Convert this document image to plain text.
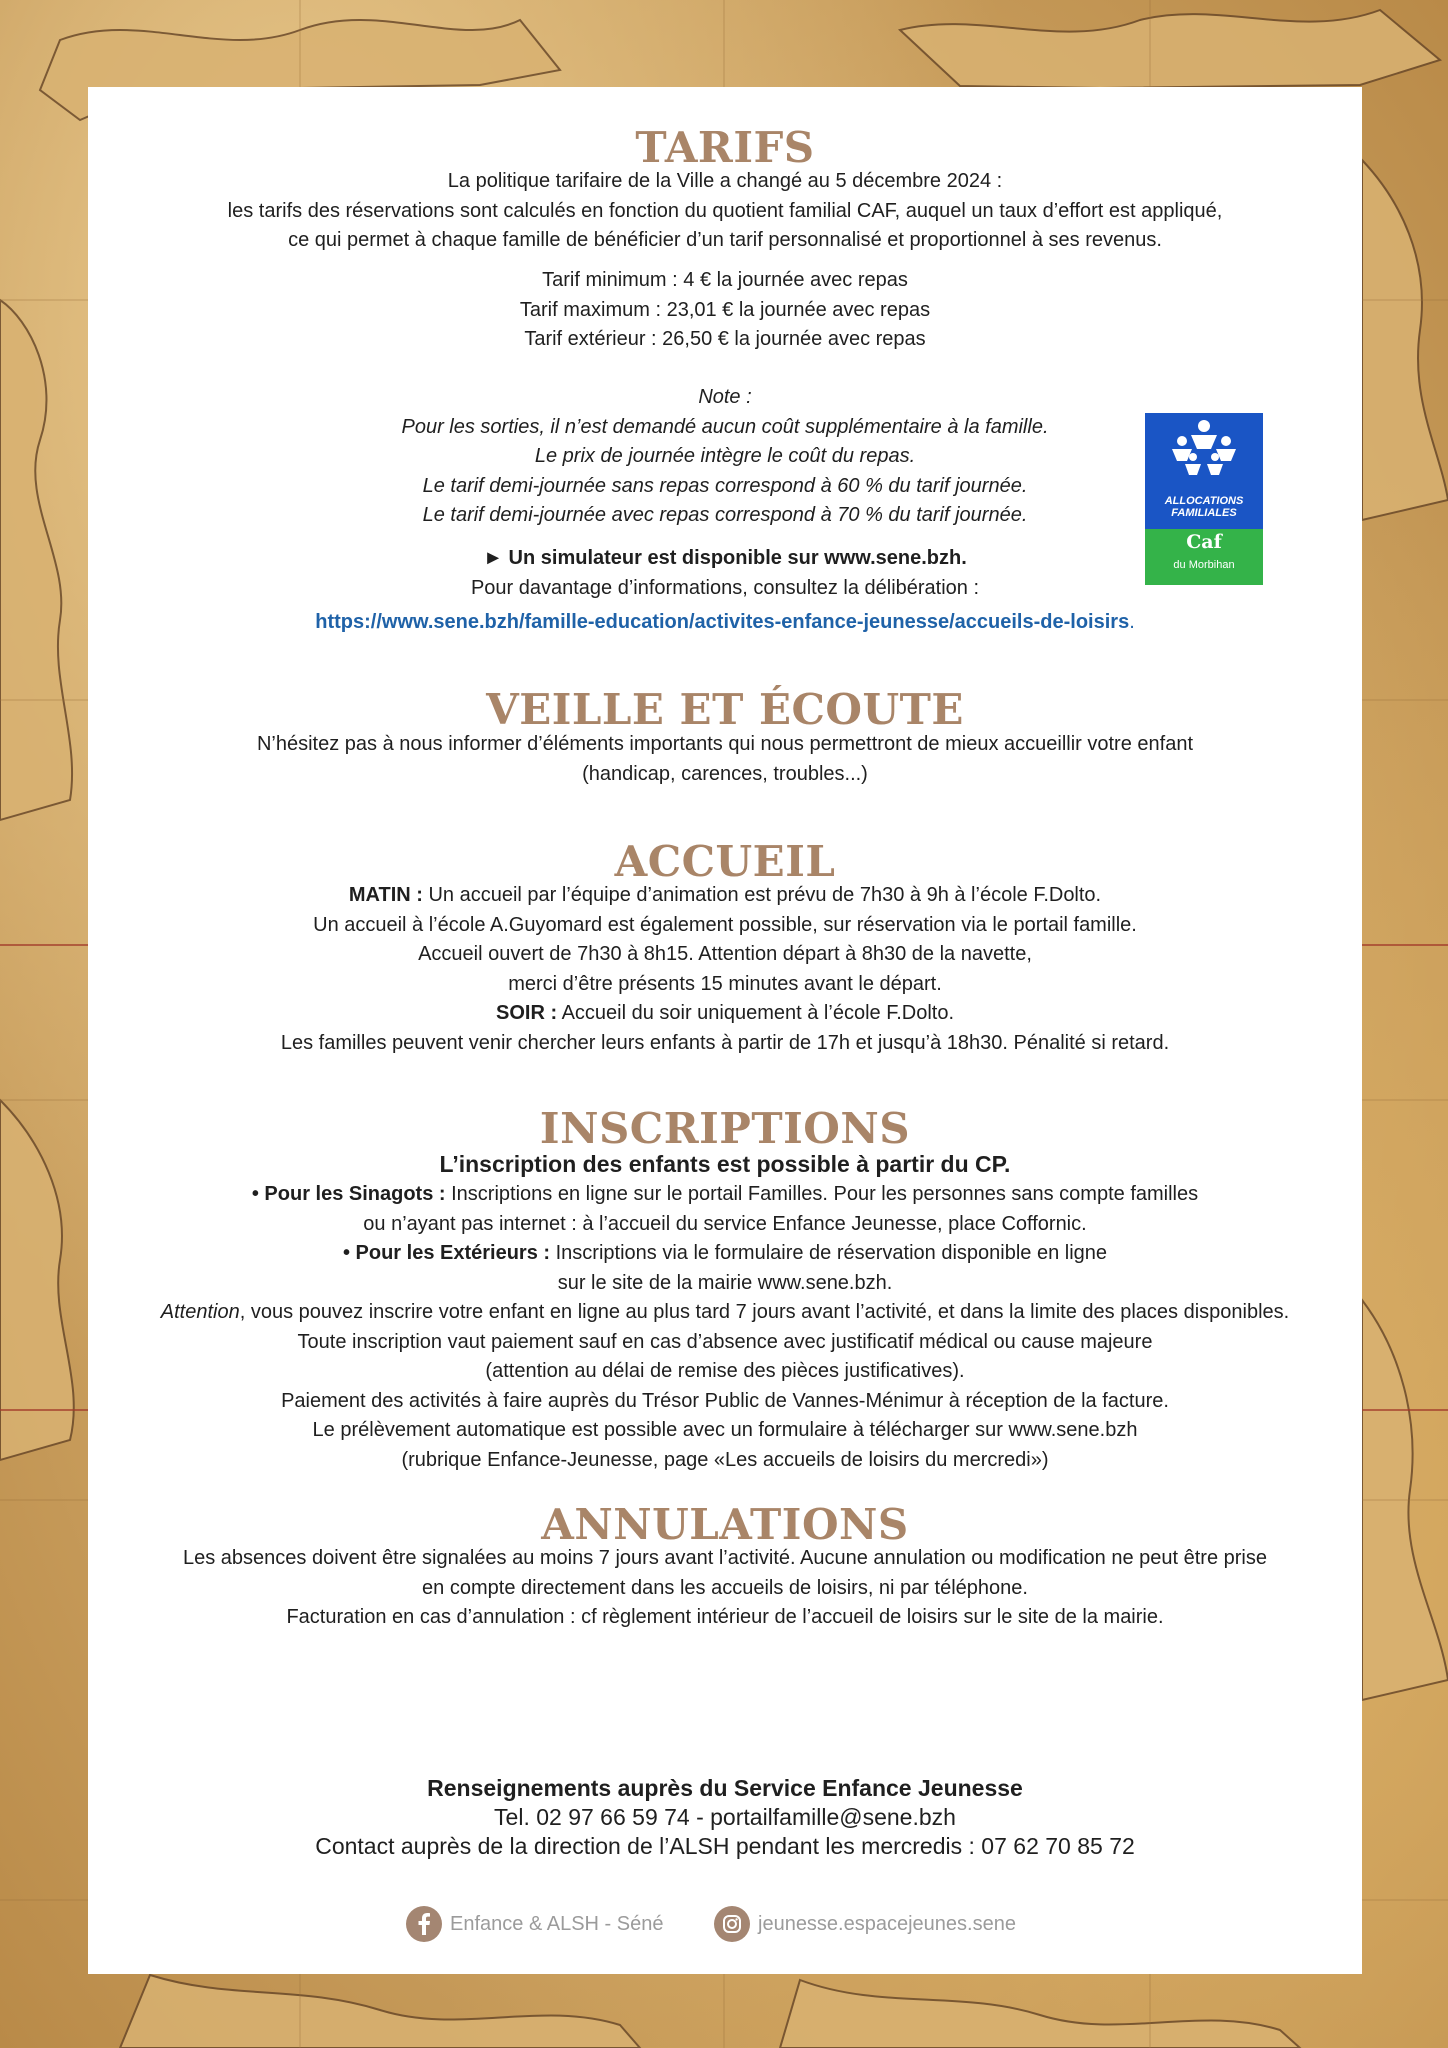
TARIFS
La politique tarifaire de la Ville a changé au 5 décembre 2024 :
les tarifs des réservations sont calculés en fonction du quotient familial CAF, auquel un taux d’effort est appliqué,
ce qui permet à chaque famille de bénéficier d’un tarif personnalisé et proportionnel à ses revenus.
Tarif minimum : 4 € la journée avec repas
Tarif maximum : 23,01 € la journée avec repas
Tarif extérieur : 26,50 € la journée avec repas
Note :
Pour les sorties, il n’est demandé aucun coût supplémentaire à la famille.
Le prix de journée intègre le coût du repas.
Le tarif demi-journée sans repas correspond à 60 % du tarif journée.
Le tarif demi-journée avec repas correspond à 70 % du tarif journée.
► Un simulateur est disponible sur www.sene.bzh.
Pour davantage d’informations, consultez la délibération :
https://www.sene.bzh/famille-education/activites-enfance-jeunesse/accueils-de-loisirs.
ALLOCATIONS
FAMILIALES
Caf
du Morbihan
VEILLE ET ÉCOUTE
N’hésitez pas à nous informer d’éléments importants qui nous permettront de mieux accueillir votre enfant
(handicap, carences, troubles...)
ACCUEIL
MATIN : Un accueil par l’équipe d’animation est prévu de 7h30 à 9h à l’école F.Dolto.
Un accueil à l’école A.Guyomard est également possible, sur réservation via le portail famille.
Accueil ouvert de 7h30 à 8h15. Attention départ à 8h30 de la navette,
merci d’être présents 15 minutes avant le départ.
SOIR : Accueil du soir uniquement à l’école F.Dolto.
Les familles peuvent venir chercher leurs enfants à partir de 17h et jusqu’à 18h30. Pénalité si retard.
INSCRIPTIONS
L’inscription des enfants est possible à partir du CP.
• Pour les Sinagots : Inscriptions en ligne sur le portail Familles. Pour les personnes sans compte familles
ou n’ayant pas internet : à l’accueil du service Enfance Jeunesse, place Coffornic.
• Pour les Extérieurs : Inscriptions via le formulaire de réservation disponible en ligne
sur le site de la mairie www.sene.bzh.
Attention, vous pouvez inscrire votre enfant en ligne au plus tard 7 jours avant l’activité, et dans la limite des places disponibles.
Toute inscription vaut paiement sauf en cas d’absence avec justificatif médical ou cause majeure
(attention au délai de remise des pièces justificatives).
Paiement des activités à faire auprès du Trésor Public de Vannes-Ménimur à réception de la facture.
Le prélèvement automatique est possible avec un formulaire à télécharger sur www.sene.bzh
(rubrique Enfance-Jeunesse, page «Les accueils de loisirs du mercredi»)
ANNULATIONS
Les absences doivent être signalées au moins 7 jours avant l’activité. Aucune annulation ou modification ne peut être prise
en compte directement dans les accueils de loisirs, ni par téléphone.
Facturation en cas d’annulation : cf règlement intérieur de l’accueil de loisirs sur le site de la mairie.
Renseignements auprès du Service Enfance Jeunesse
Tel. 02 97 66 59 74 - portailfamille@sene.bzh
Contact auprès de la direction de l’ALSH pendant les mercredis : 07 62 70 85 72
Enfance & ALSH - Séné	jeunesse.espacejeunes.sene
